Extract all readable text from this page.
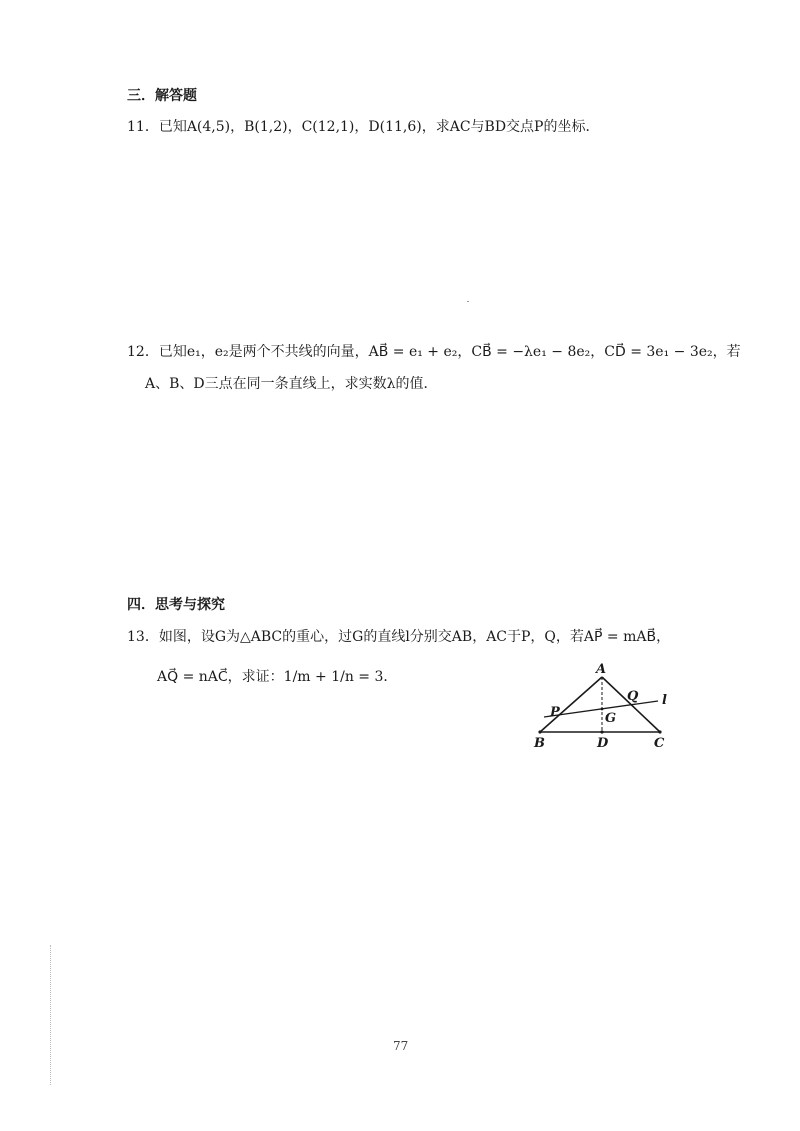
三．解答题
11．已知A(4,5)，B(1,2)，C(12,1)，D(11,6)，求AC与BD交点P的坐标．
12．已知e₁，e₂是两个不共线的向量，AB⃗ = e₁ + e₂，CB⃗ = −λe₁ − 8e₂，CD⃗ = 3e₁ − 3e₂，若
A、B、D三点在同一条直线上，求实数λ的值．
四．思考与探究
13．如图，设G为△ABC的重心，过G的直线l分别交AB，AC于P，Q，若AP⃗ = mAB⃗，
AQ⃗ = nAC⃗，求证：1/m + 1/n = 3．	A
Q l
P	G
B	D	C
77
